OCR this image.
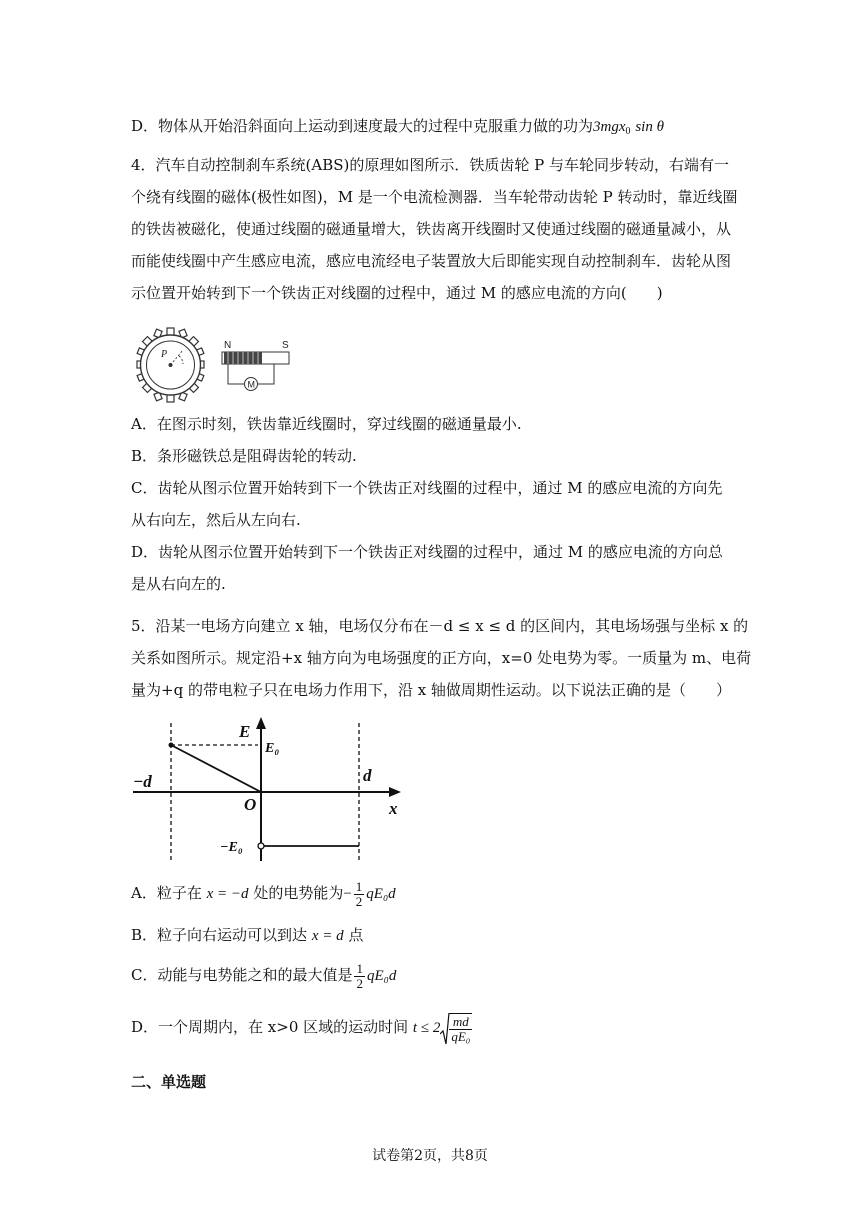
D．物体从开始沿斜面向上运动到速度最大的过程中克服重力做的功为3mgx$_0$ sin θ
4．汽车自动控制刹车系统(ABS)的原理如图所示．铁质齿轮 P 与车轮同步转动，右端有一
个绕有线圈的磁体(极性如图)，M 是一个电流检测器．当车轮带动齿轮 P 转动时，靠近线圈
的铁齿被磁化，使通过线圈的磁通量增大，铁齿离开线圈时又使通过线圈的磁通量减小，从
而能使线圈中产生感应电流，感应电流经电子装置放大后即能实现自动控制刹车．齿轮从图
示位置开始转到下一个铁齿正对线圈的过程中，通过 M 的感应电流的方向(　　)
P
N	S
M
A．在图示时刻，铁齿靠近线圈时，穿过线圈的磁通量最小.
B．条形磁铁总是阻碍齿轮的转动.
C．齿轮从图示位置开始转到下一个铁齿正对线圈的过程中，通过 M 的感应电流的方向先
从右向左，然后从左向右.
D．齿轮从图示位置开始转到下一个铁齿正对线圈的过程中，通过 M 的感应电流的方向总
是从右向左的.
5．沿某一电场方向建立 x 轴，电场仅分布在－d ≤ x ≤ d 的区间内，其电场场强与坐标 x 的
关系如图所示。规定沿+x 轴方向为电场强度的正方向，x=0 处电势为零。一质量为 m、电荷
量为+q 的带电粒子只在电场力作用下，沿 x 轴做周期性运动。以下说法正确的是（　　）
E
E₀
−d	d
O	x
−E₀
A．粒子在 x = −d 处的电势能为− $\frac{1}{2} qE_0d$
B．粒子向右运动可以到达 x = d 点
C．动能与电势能之和的最大值是 $\frac{1}{2} qE_0d$
D．一个周期内，在 x>0 区域的运动时间 $t \le 2 \frac{md}{\text{qE₀}}$
二、单选题
试卷第2页，共8页
